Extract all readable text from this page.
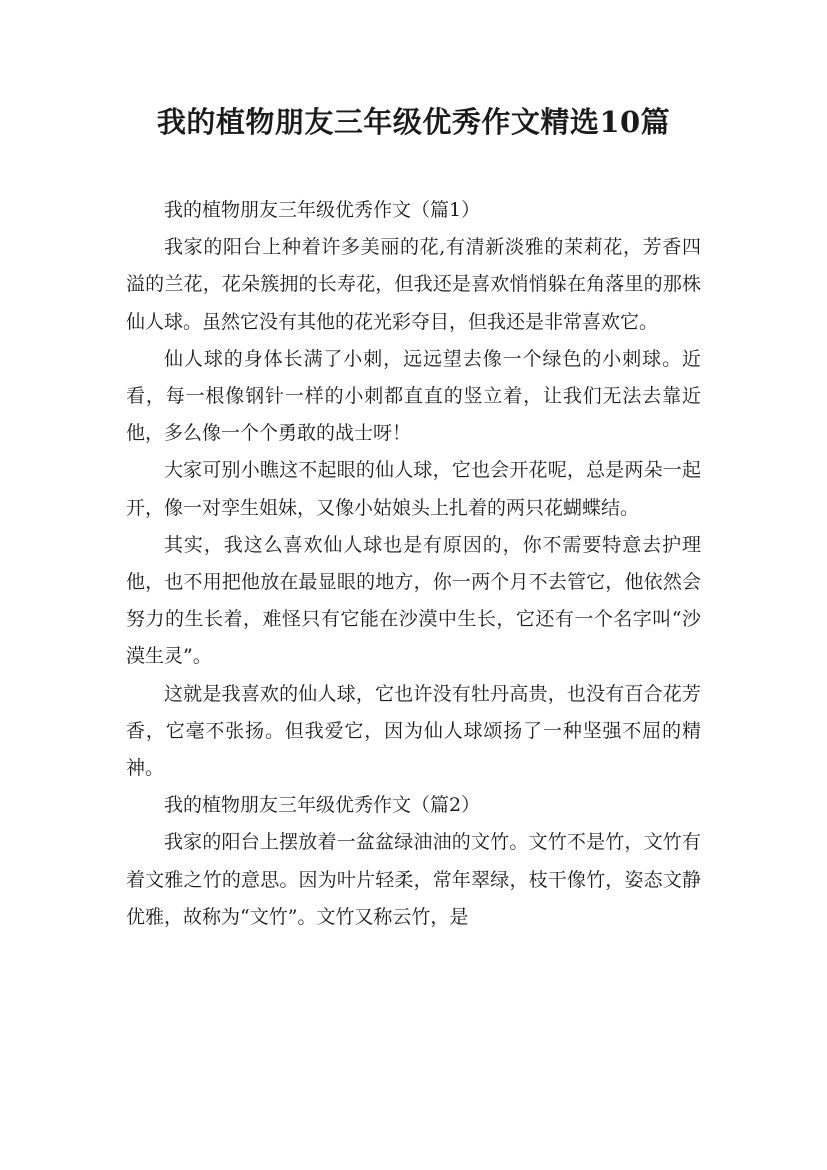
我的植物朋友三年级优秀作文精选10篇

我的植物朋友三年级优秀作文（篇1）

我家的阳台上种着许多美丽的花,有清新淡雅的茉莉花，芳香四溢的兰花，花朵簇拥的长寿花，但我还是喜欢悄悄躲在角落里的那株仙人球。虽然它没有其他的花光彩夺目，但我还是非常喜欢它。

仙人球的身体长满了小刺，远远望去像一个绿色的小刺球。近看，每一根像钢针一样的小刺都直直的竖立着，让我们无法去靠近他，多么像一个个勇敢的战士呀！

大家可别小瞧这不起眼的仙人球，它也会开花呢，总是两朵一起开，像一对孪生姐妹，又像小姑娘头上扎着的两只花蝴蝶结。

其实，我这么喜欢仙人球也是有原因的，你不需要特意去护理他，也不用把他放在最显眼的地方，你一两个月不去管它，他依然会努力的生长着，难怪只有它能在沙漠中生长，它还有一个名字叫“沙漠生灵”。

这就是我喜欢的仙人球，它也许没有牡丹高贵，也没有百合花芳香，它毫不张扬。但我爱它，因为仙人球颂扬了一种坚强不屈的精神。

我的植物朋友三年级优秀作文（篇2）

我家的阳台上摆放着一盆盆绿油油的文竹。文竹不是竹，文竹有着文雅之竹的意思。因为叶片轻柔，常年翠绿，枝干像竹，姿态文静优雅，故称为“文竹”。文竹又称云竹，是
